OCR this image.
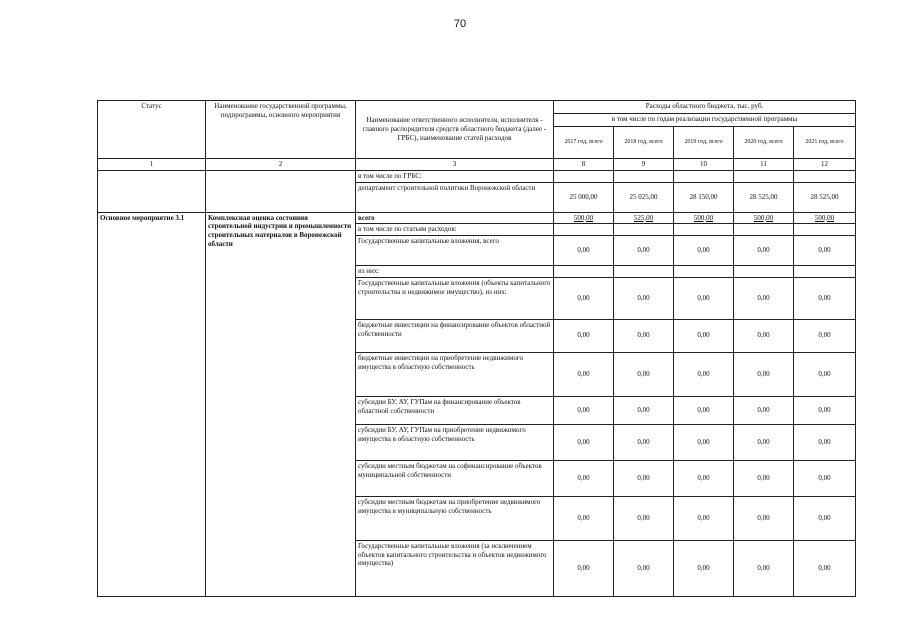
70
Статус	Наименование государственной программы, подпрограммы, основного мероприятия	Наименование ответственного исполнителя, исполнителя - главного распорядителя средств областного бюджета (далее - ГРБС), наименование статей расходов	Расходы областного бюджета, тыс. руб.				
			в том числе по годам реализации государственной программы				
			2017 год, всего	2018 год, всего	2019 год, всего	2020 год, всего	2021 год, всего
1	2	3	8	9	10	11	12
		в том числе по ГРБС:					
		департамент строительной политики Воронежской области	25 000,00	25 025,00	28 150,00	28 525,00	28 525,00
Основное мероприятие 3.1	Комплексная оценка состояния строительной индустрии и промышленности строительных материалов в Воронежской области	всего	500,00	525,00	500,00	500,00	500,00
		в том числе по статьям расходов:					
		Государственные капитальные вложения, всего	0,00	0,00	0,00	0,00	0,00
		из них:					
		Государственные капитальные вложения (объекты капитального строительства и недвижимое имущество), из них:	0,00	0,00	0,00	0,00	0,00
		бюджетные инвестиции на финансирование объектов областной собственности	0,00	0,00	0,00	0,00	0,00
		бюджетные инвестиции на приобретение недвижимого имущества в областную собственность	0,00	0,00	0,00	0,00	0,00
		субсидии БУ, АУ, ГУПам на финансирование объектов областной собственности	0,00	0,00	0,00	0,00	0,00
		субсидии БУ, АУ, ГУПам на приобретение недвижимого имущества в областную собственность	0,00	0,00	0,00	0,00	0,00
		субсидии местным бюджетам на софинансирование объектов муниципальной собственности	0,00	0,00	0,00	0,00	0,00
		субсидии местным бюджетам на приобретение недвижимого имущества в муниципальную собственность	0,00	0,00	0,00	0,00	0,00
		Государственные капитальные вложения (за исключением объектов капитального строительства и объектов недвижимого имущества)	0,00	0,00	0,00	0,00	0,00
